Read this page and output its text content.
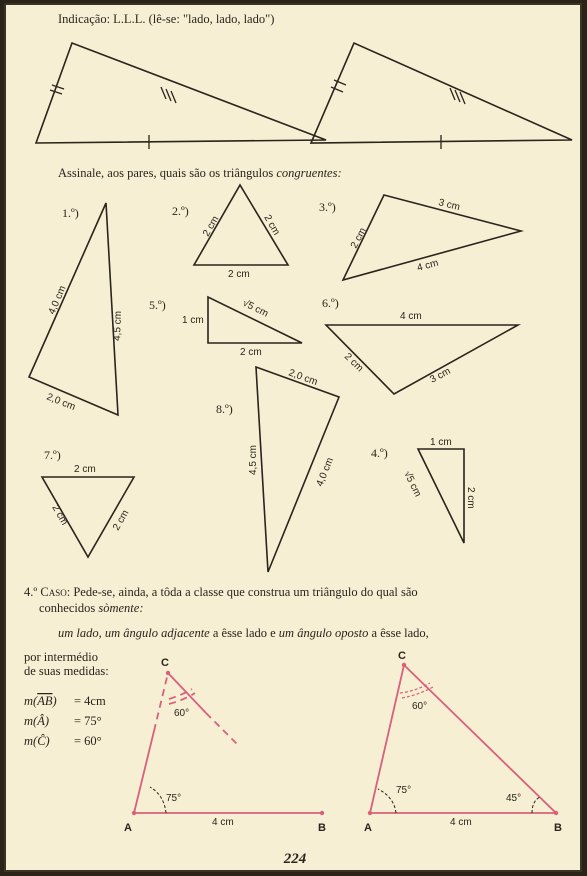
Indicação: L.L.L. (lê-se: "lado, lado, lado")
Assinale, aos pares, quais são os triângulos congruentes:
1.º)
4,0 cm
4,5 cm
2,0 cm
2.º)
2 cm	2 cm
2 cm
3.º)
2 cm
3 cm
4 cm
5.º)
1 cm
√5 cm
2 cm
6.º)
4 cm
2 cm
3 cm
8.º)
2,0 cm
4,5 cm	4,0 cm
7.º)
2 cm
2 cm	2 cm
4.º)
1 cm
√5 cm	2 cm
4.º Caso: Pede-se, ainda, a tôda a classe que construa um triângulo do qual são
conhecidos sòmente:
um lado, um ângulo adjacente a êsse lado e um ângulo oposto a êsse lado,
por intermédio
de suas medidas:
m(AB) = 4cm
m(Â) = 75°
m(Ĉ) = 60°
C
A	B
60°
75°
4 cm
C
A	B
60°
75°
45°
4 cm
224
